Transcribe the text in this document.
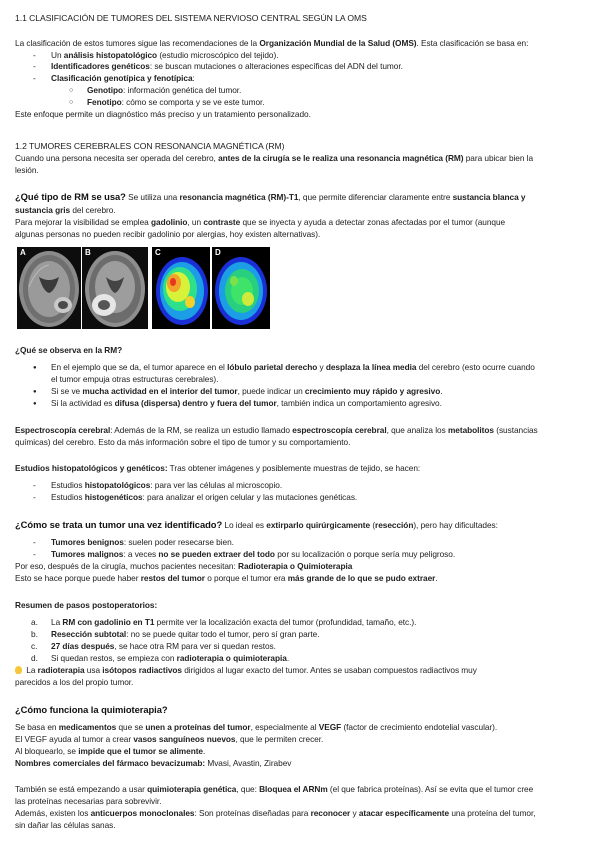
1.1 CLASIFICACIÓN DE TUMORES DEL SISTEMA NERVIOSO CENTRAL SEGÚN LA OMS
La clasificación de estos tumores sigue las recomendaciones de la Organización Mundial de la Salud (OMS). Esta clasificación se basa en:
- Un análisis histopatológico (estudio microscópico del tejido).
- Identificadores genéticos: se buscan mutaciones o alteraciones específicas del ADN del tumor.
- Clasificación genotípica y fenotípica:
○ Genotipo: información genética del tumor.
○ Fenotipo: cómo se comporta y se ve este tumor.
Este enfoque permite un diagnóstico más preciso y un tratamiento personalizado.
1.2 TUMORES CEREBRALES CON RESONANCIA MAGNÉTICA (RM)
Cuando una persona necesita ser operada del cerebro, antes de la cirugía se le realiza una resonancia magnética (RM) para ubicar bien la
lesión.
¿Qué tipo de RM se usa? Se utiliza una resonancia magnética (RM)-T1, que permite diferenciar claramente entre sustancia blanca y
sustancia gris del cerebro.
Para mejorar la visibilidad se emplea gadolinio, un contraste que se inyecta y ayuda a detectar zonas afectadas por el tumor (aunque
algunas personas no pueden recibir gadolinio por alergias, hoy existen alternativas).
A	B	C	D
¿Qué se observa en la RM?
● En el ejemplo que se da, el tumor aparece en el lóbulo parietal derecho y desplaza la línea media del cerebro (esto ocurre cuando
el tumor empuja otras estructuras cerebrales).
● Si se ve mucha actividad en el interior del tumor, puede indicar un crecimiento muy rápido y agresivo.
● Si la actividad es difusa (dispersa) dentro y fuera del tumor, también indica un comportamiento agresivo.
Espectroscopía cerebral: Además de la RM, se realiza un estudio llamado espectroscopía cerebral, que analiza los metabolitos (sustancias
químicas) del cerebro. Esto da más información sobre el tipo de tumor y su comportamiento.
Estudios histopatológicos y genéticos: Tras obtener imágenes y posiblemente muestras de tejido, se hacen:
- Estudios histopatológicos: para ver las células al microscopio.
- Estudios histogenéticos: para analizar el origen celular y las mutaciones genéticas.
¿Cómo se trata un tumor una vez identificado? Lo ideal es extirparlo quirúrgicamente (resección), pero hay dificultades:
- Tumores benignos: suelen poder resecarse bien.
- Tumores malignos: a veces no se pueden extraer del todo por su localización o porque sería muy peligroso.
Por eso, después de la cirugía, muchos pacientes necesitan: Radioterapia o Quimioterapia
Esto se hace porque puede haber restos del tumor o porque el tumor era más grande de lo que se pudo extraer.
Resumen de pasos postoperatorios:
a. La RM con gadolinio en T1 permite ver la localización exacta del tumor (profundidad, tamaño, etc.).
b. Resección subtotal: no se puede quitar todo el tumor, pero sí gran parte.
c. 27 días después, se hace otra RM para ver si quedan restos.
d. Si quedan restos, se empieza con radioterapia o quimioterapia.
La radioterapia usa isótopos radiactivos dirigidos al lugar exacto del tumor. Antes se usaban compuestos radiactivos muy
parecidos a los del propio tumor.
¿Cómo funciona la quimioterapia?
Se basa en medicamentos que se unen a proteínas del tumor, especialmente al VEGF (factor de crecimiento endotelial vascular).
El VEGF ayuda al tumor a crear vasos sanguíneos nuevos, que le permiten crecer.
Al bloquearlo, se impide que el tumor se alimente.
Nombres comerciales del fármaco bevacizumab: Mvasi, Avastin, Zirabev
También se está empezando a usar quimioterapia genética, que: Bloquea el ARNm (el que fabrica proteínas). Así se evita que el tumor cree
las proteínas necesarias para sobrevivir.
Además, existen los anticuerpos monoclonales: Son proteínas diseñadas para reconocer y atacar específicamente una proteína del tumor,
sin dañar las células sanas.
